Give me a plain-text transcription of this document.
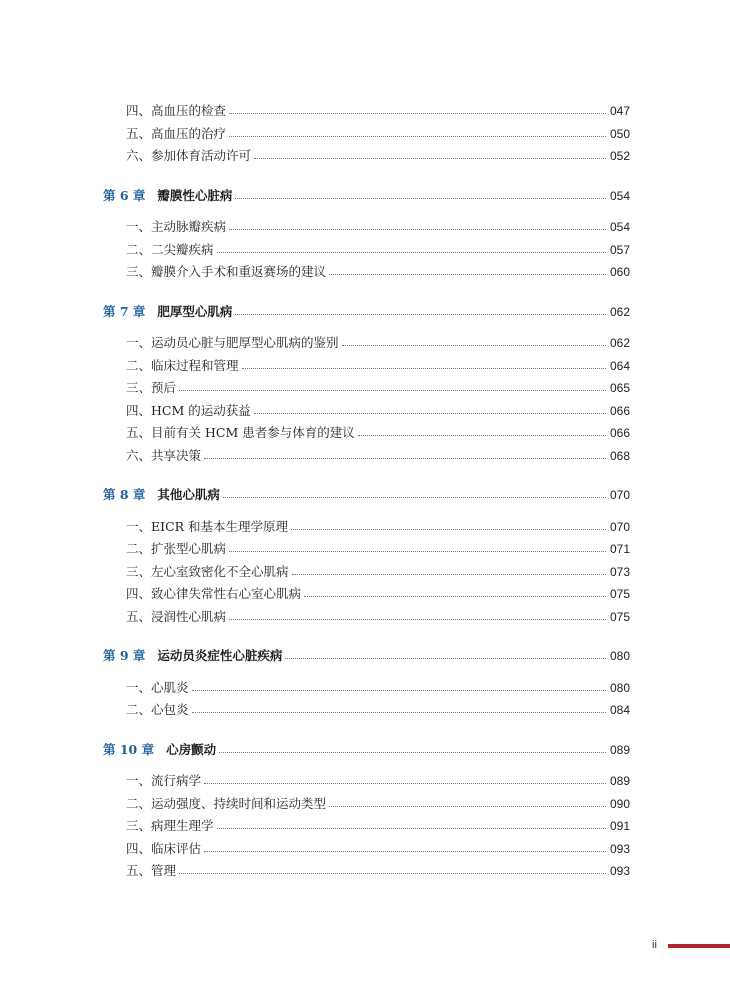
四、高血压的检查	047
五、高血压的治疗	050
六、参加体育活动许可	052
第 6 章 瓣膜性心脏病	054
一、主动脉瓣疾病	054
二、二尖瓣疾病	057
三、瓣膜介入手术和重返赛场的建议	060
第 7 章 肥厚型心肌病	062
一、运动员心脏与肥厚型心肌病的鉴别	062
二、临床过程和管理	064
三、预后	065
四、HCM 的运动获益	066
五、目前有关 HCM 患者参与体育的建议	066
六、共享决策	068
第 8 章 其他心肌病	070
一、EICR 和基本生理学原理	070
二、扩张型心肌病	071
三、左心室致密化不全心肌病	073
四、致心律失常性右心室心肌病	075
五、浸润性心肌病	075
第 9 章 运动员炎症性心脏疾病	080
一、心肌炎	080
二、心包炎	084
第 10 章 心房颤动	089
一、流行病学	089
二、运动强度、持续时间和运动类型	090
三、病理生理学	091
四、临床评估	093
五、管理	093
ii
